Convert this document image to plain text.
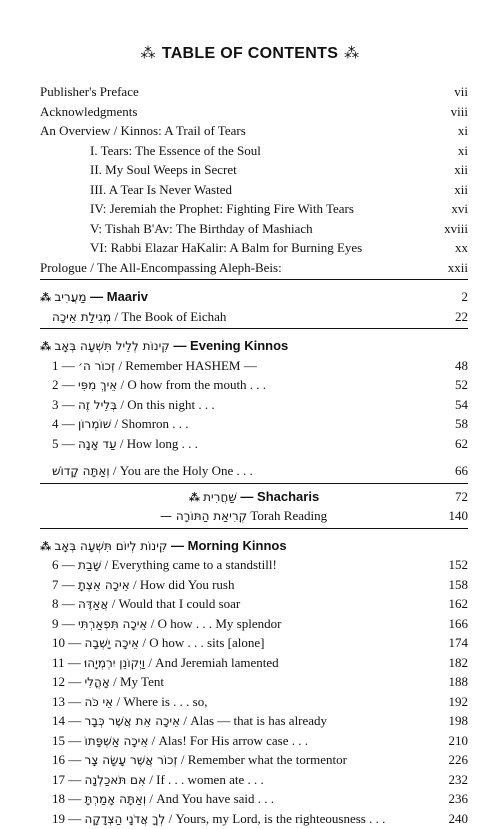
⁂ TABLE OF CONTENTS ⁂
Publisher's Preface	vii
Acknowledgments	viii
An Overview / Kinnos: A Trail of Tears	xi
I. Tears: The Essence of the Soul	xi
II. My Soul Weeps in Secret	xii
III. A Tear Is Never Wasted	xii
IV: Jeremiah the Prophet: Fighting Fire With Tears	xvi
V: Tishah B'Av: The Birthday of Mashiach	xviii
VI: Rabbi Elazar HaKalir: A Balm for Burning Eyes	xx
Prologue / The All-Encompassing Aleph-Beis:	xxii
⁂ מַעֲרִיב — Maariv	2
מְגִילַת אֵיכָה / The Book of Eichah	22
⁂ קִינוֹת לְלֵיל תִּשְׁעָה בְּאָב — Evening Kinnos
1 — זְכוֹר ה׳ / Remember HASHEM —	48
2 — אֵיךְ מִפִּי / O how from the mouth . . .	52
3 — בְּלֵיל זֶה / On this night . . .	54
4 — שׁוֹמְרוֹן / Shomron . . .	58
5 — עַד אָנָה / How long . . .	62
וְאַתָּה קָדוֹשׁ / You are the Holy One . . .	66
⁂ שַׁחֲרִית — Shacharis	72
— קְרִיאַת הַתּוֹרָה Torah Reading	140
⁂ קִינוֹת לְיוֹם תִּשְׁעָה בְּאָב — Morning Kinnos
6 — שָׁבַת / Everything came to a standstill!	152
7 — אֵיכָה אֵצְתָ / How did You rush	158
8 — אֲאַדֶּה / Would that I could soar	162
9 — אֵיכָה תִּפְאַרְתִּי / O how . . . My splendor	166
10 — אֵיכָה יָשְׁבָה / O how . . . sits [alone]	174
11 — וַיְקוֹנֵן יִרְמְיָהוּ / And Jeremiah lamented	182
12 — אָהֳלִי / My Tent	188
13 — אֵי כֹּה / Where is . . . so,	192
14 — אֵיכָה אֵת אֲשֶׁר כְּבָר / Alas — that is has already	198
15 — אֵיכָה אַשְׁפָּתוֹ / Alas! For His arrow case . . .	210
16 — זְכוֹר אֲשֶׁר עָשָׂה צָר / Remember what the tormentor	226
17 — אִם תֹּאכַלְנָה / If . . . women ate . . .	232
18 — וְאַתָּה אָמַרְתָּ / And You have said . . .	236
19 — לְךָ אֲדֹנָי הַצְּדָקָה / Yours, my Lord, is the righteousness . . .	240
